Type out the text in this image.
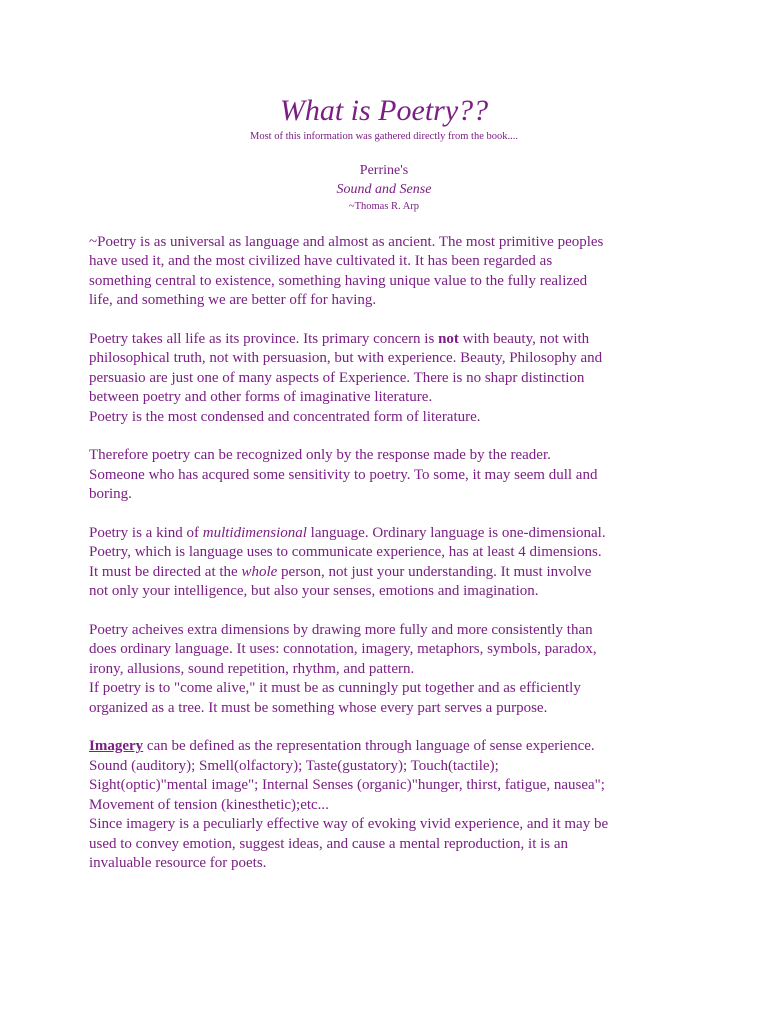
What is Poetry??
Most of this information was gathered directly from the book....
Perrine's
Sound and Sense
~Thomas R. Arp
~Poetry is as universal as language and almost as ancient. The most primitive peoples
have used it, and the most civilized have cultivated it. It has been regarded as
something central to existence, something having unique value to the fully realized
life, and something we are better off for having.
Poetry takes all life as its province. Its primary concern is not with beauty, not with
philosophical truth, not with persuasion, but with experience. Beauty, Philosophy and
persuasio are just one of many aspects of Experience. There is no shapr distinction
between poetry and other forms of imaginative literature.
Poetry is the most condensed and concentrated form of literature.
Therefore poetry can be recognized only by the response made by the reader.
Someone who has acqured some sensitivity to poetry. To some, it may seem dull and
boring.
Poetry is a kind of multidimensional language. Ordinary language is one-dimensional.
Poetry, which is language uses to communicate experience, has at least 4 dimensions.
It must be directed at the whole person, not just your understanding. It must involve
not only your intelligence, but also your senses, emotions and imagination.
Poetry acheives extra dimensions by drawing more fully and more consistently than
does ordinary language. It uses: connotation, imagery, metaphors, symbols, paradox,
irony, allusions, sound repetition, rhythm, and pattern.
If poetry is to "come alive," it must be as cunningly put together and as efficiently
organized as a tree. It must be something whose every part serves a purpose.
Imagery can be defined as the representation through language of sense experience.
Sound (auditory); Smell(olfactory); Taste(gustatory); Touch(tactile);
Sight(optic)"mental image"; Internal Senses (organic)"hunger, thirst, fatigue, nausea";
Movement of tension (kinesthetic);etc...
Since imagery is a peculiarly effective way of evoking vivid experience, and it may be
used to convey emotion, suggest ideas, and cause a mental reproduction, it is an
invaluable resource for poets.
